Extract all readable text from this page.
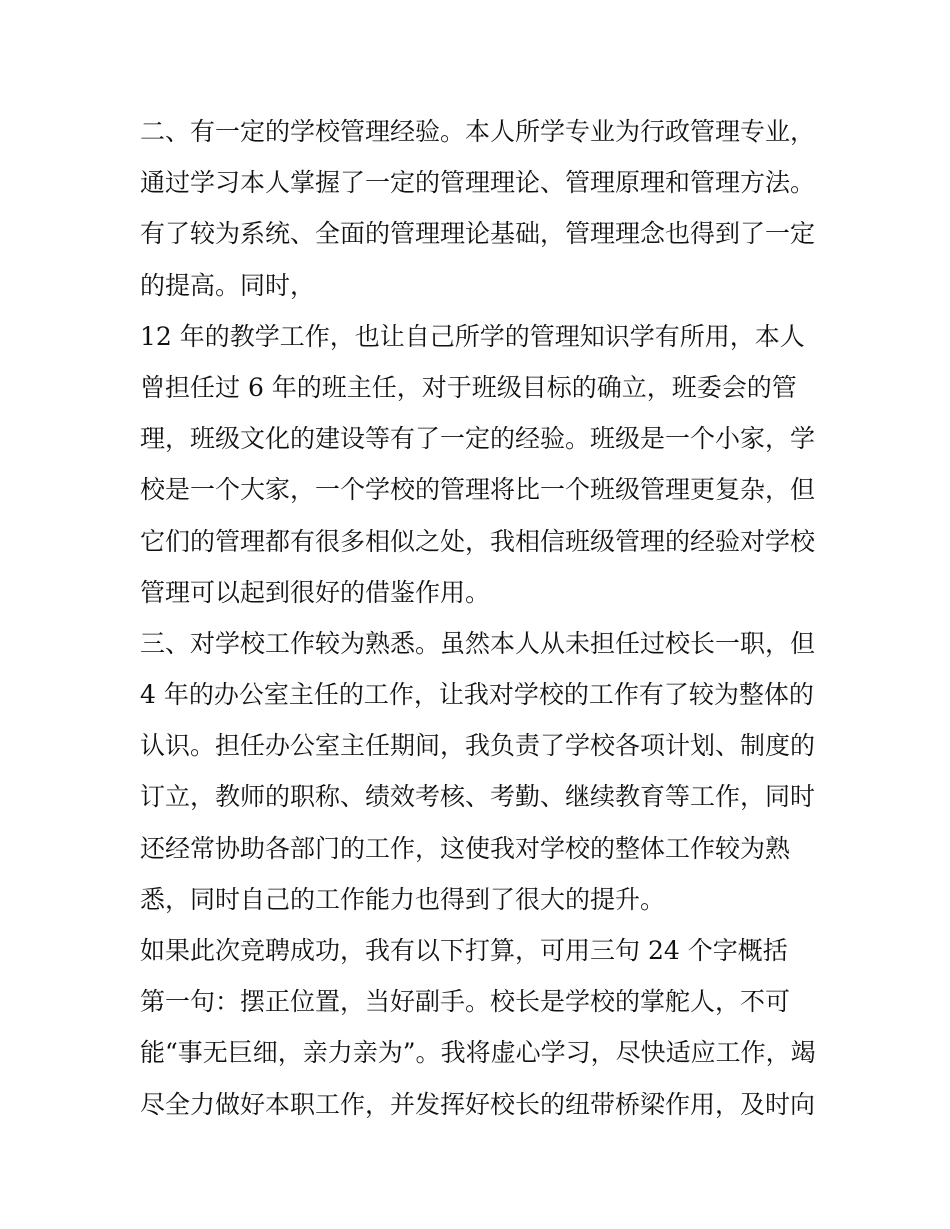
二、有一定的学校管理经验。本人所学专业为行政管理专业，
通过学习本人掌握了一定的管理理论、管理原理和管理方法。
有了较为系统、全面的管理理论基础，管理理念也得到了一定
的提高。同时，
12 年的教学工作，也让自己所学的管理知识学有所用，本人
曾担任过 6 年的班主任，对于班级目标的确立，班委会的管
理，班级文化的建设等有了一定的经验。班级是一个小家，学
校是一个大家，一个学校的管理将比一个班级管理更复杂，但
它们的管理都有很多相似之处，我相信班级管理的经验对学校
管理可以起到很好的借鉴作用。
三、对学校工作较为熟悉。虽然本人从未担任过校长一职，但
4 年的办公室主任的工作，让我对学校的工作有了较为整体的
认识。担任办公室主任期间，我负责了学校各项计划、制度的
订立，教师的职称、绩效考核、考勤、继续教育等工作，同时
还经常协助各部门的工作，这使我对学校的整体工作较为熟
悉，同时自己的工作能力也得到了很大的提升。
如果此次竞聘成功，我有以下打算，可用三句 24 个字概括
第一句：摆正位置，当好副手。校长是学校的掌舵人，不可
能“事无巨细，亲力亲为”。我将虚心学习，尽快适应工作，竭
尽全力做好本职工作，并发挥好校长的纽带桥梁作用，及时向
